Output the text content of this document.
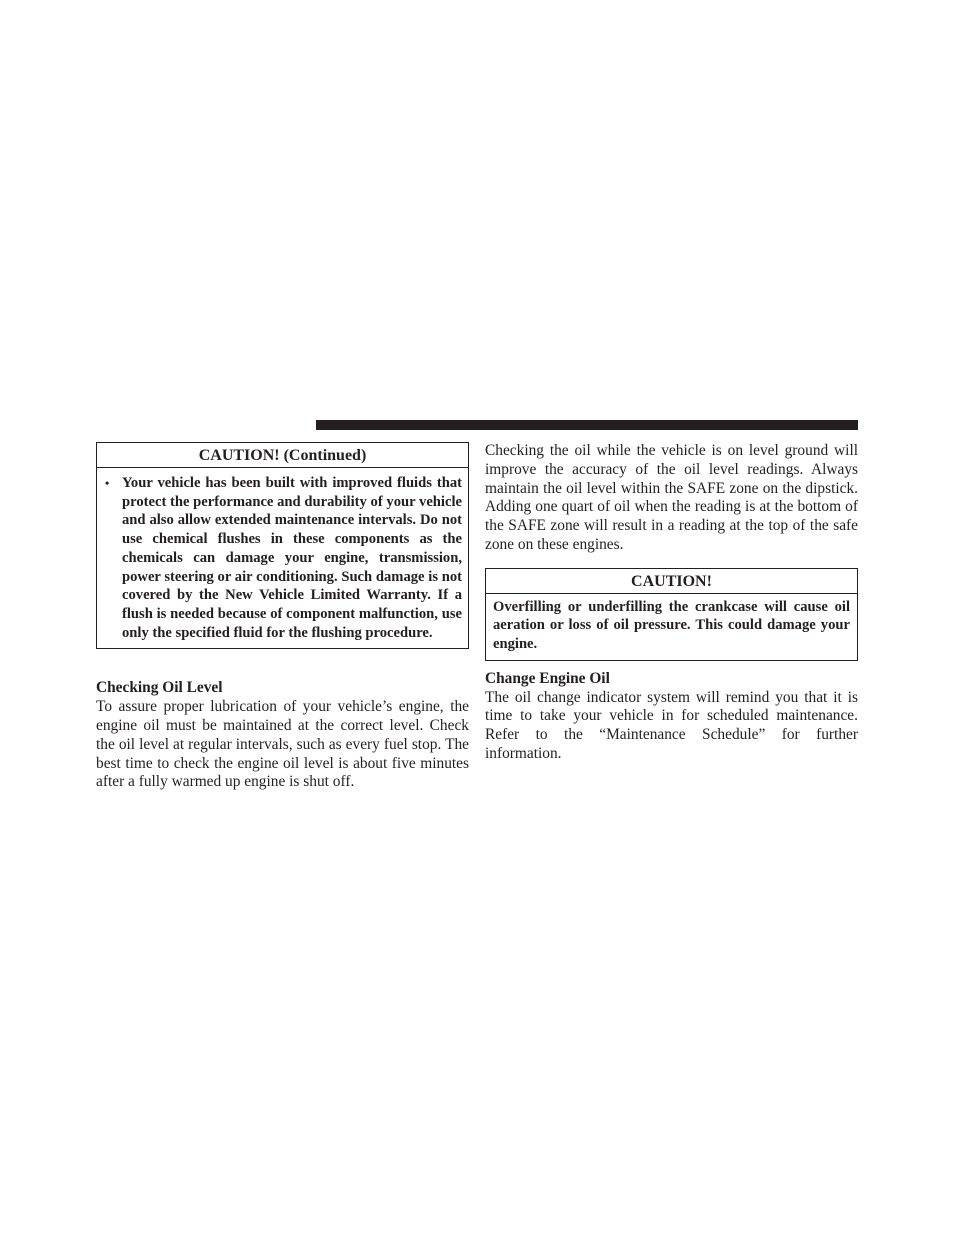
CAUTION! (Continued)
• Your vehicle has been built with improved fluids that protect the performance and durability of your vehicle and also allow extended maintenance intervals. Do not use chemical flushes in these components as the chemicals can damage your engine, transmission, power steering or air conditioning. Such damage is not covered by the New Vehicle Limited Warranty. If a flush is needed because of component malfunction, use only the specified fluid for the flushing procedure.
Checking Oil Level
To assure proper lubrication of your vehicle’s engine, the engine oil must be maintained at the correct level. Check the oil level at regular intervals, such as every fuel stop. The best time to check the engine oil level is about five minutes after a fully warmed up engine is shut off.
Checking the oil while the vehicle is on level ground will improve the accuracy of the oil level readings. Always maintain the oil level within the SAFE zone on the dipstick. Adding one quart of oil when the reading is at the bottom of the SAFE zone will result in a reading at the top of the safe zone on these engines.
CAUTION!
Overfilling or underfilling the crankcase will cause oil aeration or loss of oil pressure. This could damage your engine.
Change Engine Oil
The oil change indicator system will remind you that it is time to take your vehicle in for scheduled maintenance. Refer to the “Maintenance Schedule” for further information.
